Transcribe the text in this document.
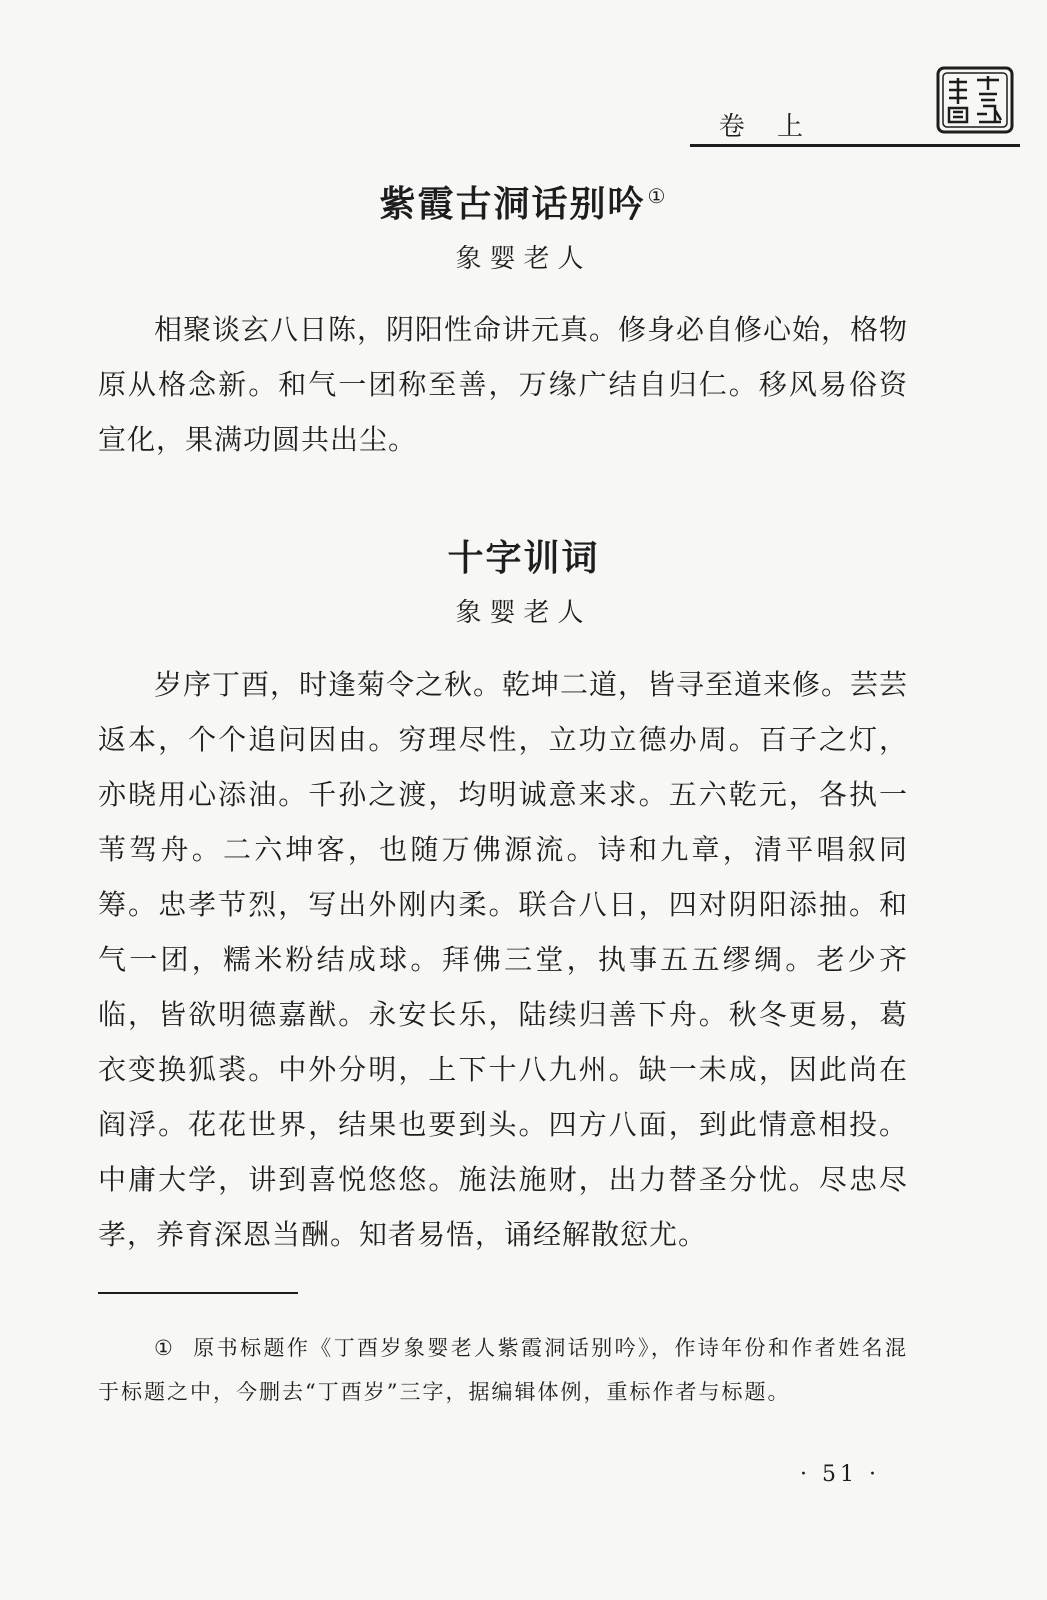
卷 上
紫霞古洞话别吟 ①
象婴老人

相聚谈玄八日陈，阴阳性命讲元真。修身必自修心始，格物原从格念新。和气一团称至善，万缘广结自归仁。移风易俗资宣化，果满功圆共出尘。

十字训词
象婴老人

岁序丁酉，时逢菊令之秋。乾坤二道，皆寻至道来修。芸芸返本，个个追问因由。穷理尽性，立功立德办周。百子之灯，亦晓用心添油。千孙之渡，均明诚意来求。五六乾元，各执一苇驾舟。二六坤客，也随万佛源流。诗和九章，清平唱叙同筹。忠孝节烈，写出外刚内柔。联合八日，四对阴阳添抽。和气一团，糯米粉结成球。拜佛三堂，执事五五缪绸。老少齐临，皆欲明德嘉猷。永安长乐，陆续归善下舟。秋冬更易，葛衣变换狐裘。中外分明，上下十八九州。缺一未成，因此尚在阎浮。花花世界，结果也要到头。四方八面，到此情意相投。中庸大学，讲到喜悦悠悠。施法施财，出力替圣分忧。尽忠尽孝，养育深恩当酬。知者易悟，诵经解散愆尤。

① 原书标题作《丁酉岁象婴老人紫霞洞话别吟》，作诗年份和作者姓名混于标题之中，今删去“丁酉岁”三字，据编辑体例，重标作者与标题。

· 51 ·
